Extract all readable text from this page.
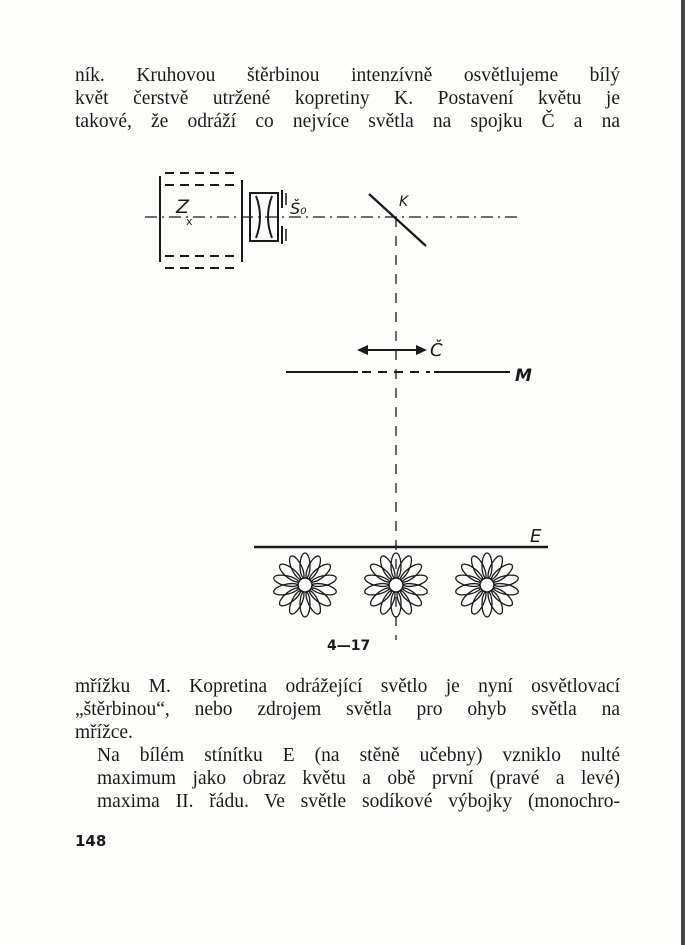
ník. Kruhovou štěrbinou intenzívně osvětlujeme bílý
květ čerstvě utržené kopretiny K. Postavení květu je
takové, že odráží co nejvíce světla na spojku Č a na

Z
x
Š₀	K
Č
M
E
4—17

mřížku M. Kopretina odrážející světlo je nyní osvětlovací
„štěrbinou“, nebo zdrojem světla pro ohyb světla na
mřížce.

Na bílém stínítku E (na stěně učebny) vzniklo nulté
maximum jako obraz květu a obě první (pravé a levé)
maxima II. řádu. Ve světle sodíkové výbojky (monochro-

148
